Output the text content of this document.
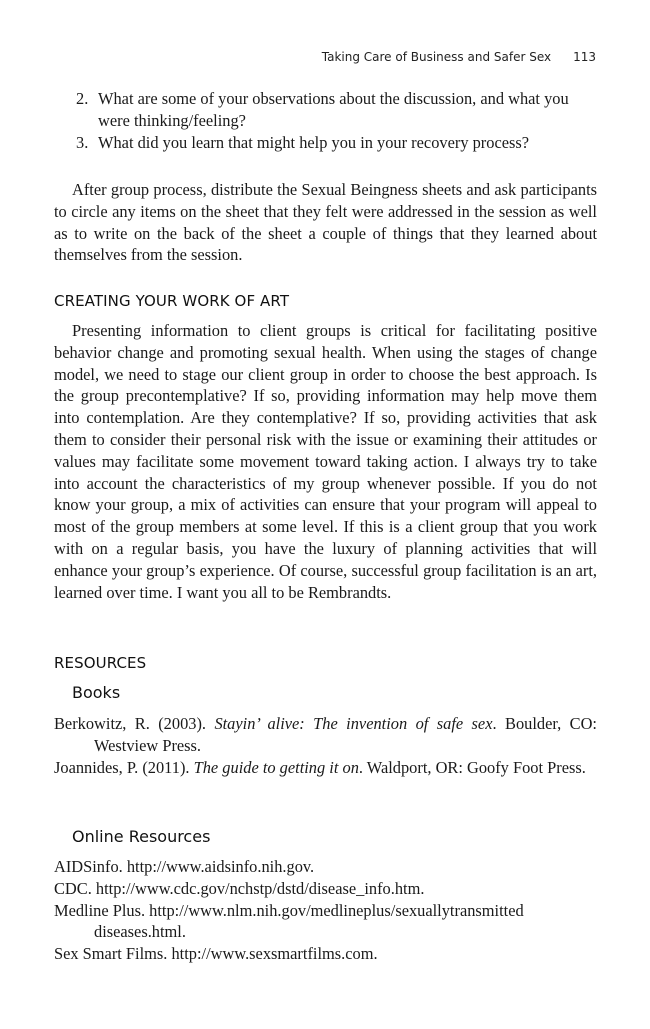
Taking Care of Business and Safer Sex 113
2. What are some of your observations about the discussion, and what you were thinking/feeling?
3. What did you learn that might help you in your recovery process?

After group process, distribute the Sexual Beingness sheets and ask participants to circle any items on the sheet that they felt were addressed in the session as well as to write on the back of the sheet a couple of things that they learned about themselves from the session.

CREATING YOUR WORK OF ART

Presenting information to client groups is critical for facilitating positive behavior change and promoting sexual health. When using the stages of change model, we need to stage our client group in order to choose the best approach. Is the group precontemplative? If so, providing information may help move them into contemplation. Are they contemplative? If so, providing activities that ask them to consider their personal risk with the issue or examining their attitudes or values may facilitate some movement toward taking action. I always try to take into account the characteristics of my group whenever possible. If you do not know your group, a mix of activities can ensure that your program will appeal to most of the group members at some level. If this is a client group that you work with on a regular basis, you have the luxury of planning activities that will enhance your group’s experience. Of course, successful group facilitation is an art, learned over time. I want you all to be Rembrandts.

RESOURCES
Books

Berkowitz, R. (2003). Stayin’ alive: The invention of safe sex. Boulder, CO: Westview Press.

Joannides, P. (2011). The guide to getting it on. Waldport, OR: Goofy Foot Press.

Online Resources

AIDSinfo. http://www.aidsinfo.nih.gov.

CDC. http://www.cdc.gov/nchstp/dstd/disease_info.htm.

Medline Plus. http://www.nlm.nih.gov/medlineplus/sexuallytransmitted diseases.html.

Sex Smart Films. http://www.sexsmartfilms.com.
